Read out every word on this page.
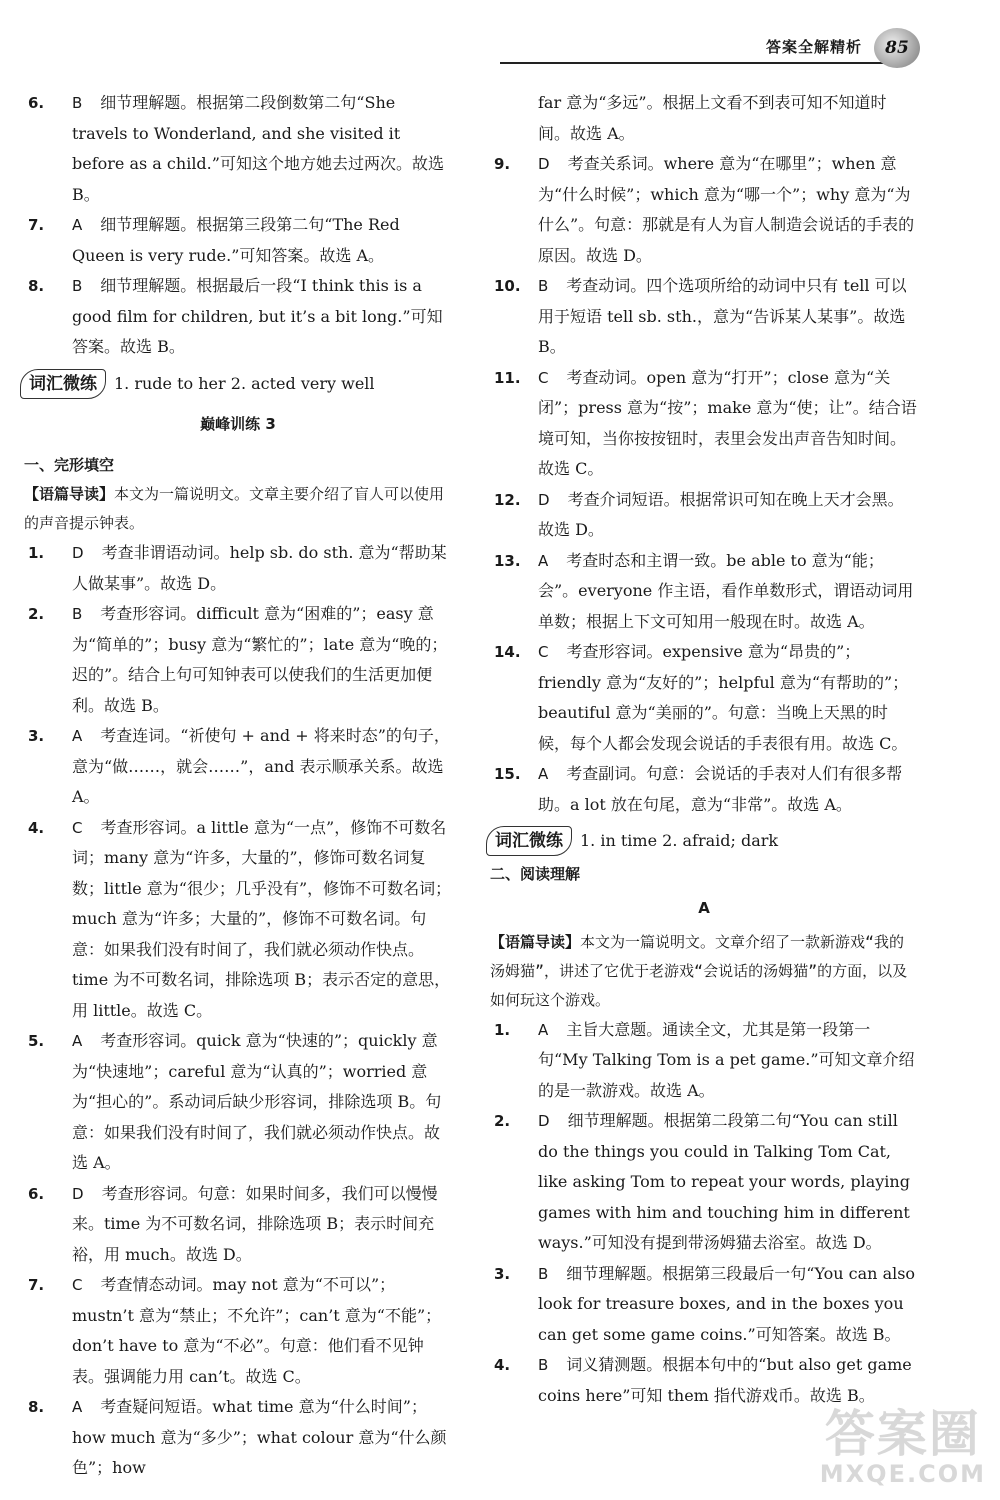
答案全解精析	85

6. B 细节理解题。根据第二段倒数第二句“She travels to Wonderland, and she visited it before as a child.”可知这个地方她去过两次。故选 B。

7. A 细节理解题。根据第三段第二句“The Red Queen is very rude.”可知答案。故选 A。

8. B 细节理解题。根据最后一段“I think this is a good film for children, but it’s a bit long.”可知答案。故选 B。

词汇微练	1. rude to her 2. acted very well
巅峰训练 3
一、完形填空
【语篇导读】本文为一篇说明文。文章主要介绍了盲人可以使用的声音提示钟表。

1. D 考查非谓语动词。help sb. do sth. 意为“帮助某人做某事”。故选 D。

2. B 考查形容词。difficult 意为“困难的”；easy 意为“简单的”；busy 意为“繁忙的”；late 意为“晚的；迟的”。结合上句可知钟表可以使我们的生活更加便利。故选 B。

3. A 考查连词。“祈使句 + and + 将来时态”的句子，意为“做……，就会……”，and 表示顺承关系。故选 A。

4. C 考查形容词。a little 意为“一点”，修饰不可数名词；many 意为“许多，大量的”，修饰可数名词复数；little 意为“很少；几乎没有”，修饰不可数名词；much 意为“许多；大量的”，修饰不可数名词。句意：如果我们没有时间了，我们就必须动作快点。time 为不可数名词，排除选项 B；表示否定的意思，用 little。故选 C。

5. A 考查形容词。quick 意为“快速的”；quickly 意为“快速地”；careful 意为“认真的”；worried 意为“担心的”。系动词后缺少形容词，排除选项 B。句意：如果我们没有时间了，我们就必须动作快点。故选 A。

6. D 考查形容词。句意：如果时间多，我们可以慢慢来。time 为不可数名词，排除选项 B；表示时间充裕，用 much。故选 D。

7. C 考查情态动词。may not 意为“不可以”；mustn’t 意为“禁止；不允许”；can’t 意为“不能”；don’t have to 意为“不必”。句意：他们看不见钟表。强调能力用 can’t。故选 C。

8. A 考查疑问短语。what time 意为“什么时间”；how much 意为“多少”；what colour 意为“什么颜色”；how

far 意为“多远”。根据上文看不到表可知不知道时间。故选 A。

9. D 考查关系词。where 意为“在哪里”；when 意为“什么时候”；which 意为“哪一个”；why 意为“为什么”。句意：那就是有人为盲人制造会说话的手表的原因。故选 D。

10. B 考查动词。四个选项所给的动词中只有 tell 可以用于短语 tell sb. sth.，意为“告诉某人某事”。故选 B。

11. C 考查动词。open 意为“打开”；close 意为“关闭”；press 意为“按”；make 意为“使；让”。结合语境可知，当你按按钮时，表里会发出声音告知时间。故选 C。

12. D 考查介词短语。根据常识可知在晚上天才会黑。故选 D。

13. A 考查时态和主谓一致。be able to 意为“能；会”。everyone 作主语，看作单数形式，谓语动词用单数；根据上下文可知用一般现在时。故选 A。

14. C 考查形容词。expensive 意为“昂贵的”；friendly 意为“友好的”；helpful 意为“有帮助的”；beautiful 意为“美丽的”。句意：当晚上天黑的时候，每个人都会发现会说话的手表很有用。故选 C。

15. A 考查副词。句意：会说话的手表对人们有很多帮助。a lot 放在句尾，意为“非常”。故选 A。

词汇微练	1. in time 2. afraid; dark
二、阅读理解
A
【语篇导读】本文为一篇说明文。文章介绍了一款新游戏“我的汤姆猫”，讲述了它优于老游戏“会说话的汤姆猫”的方面，以及如何玩这个游戏。

1. A 主旨大意题。通读全文，尤其是第一段第一句“My Talking Tom is a pet game.”可知文章介绍的是一款游戏。故选 A。

2. D 细节理解题。根据第二段第二句“You can still do the things you could in Talking Tom Cat, like asking Tom to repeat your words, playing games with him and touching him in different ways.”可知没有提到带汤姆猫去浴室。故选 D。

3. B 细节理解题。根据第三段最后一句“You can also look for treasure boxes, and in the boxes you can get some game coins.”可知答案。故选 B。

4. B 词义猜测题。根据本句中的“but also get game coins here”可知 them 指代游戏币。故选 B。

答案圈
MXQE.COM
